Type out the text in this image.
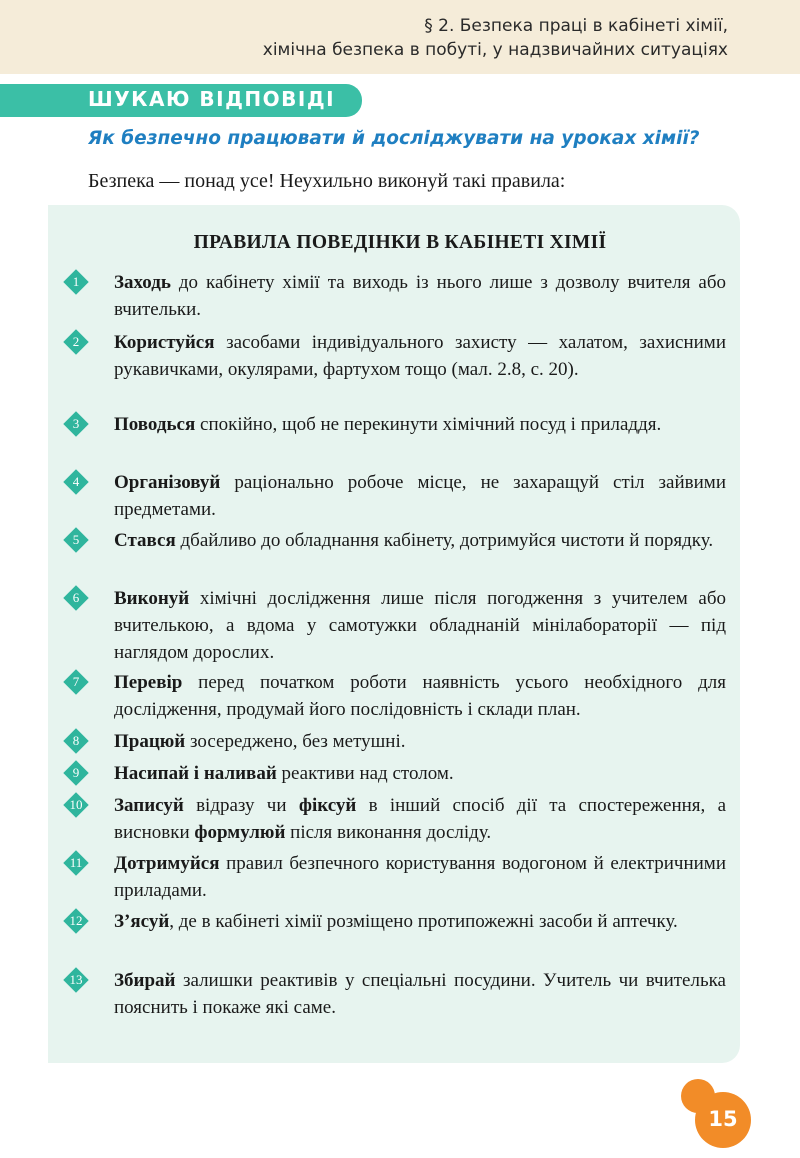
§ 2. Безпека праці в кабінеті хімії,
хімічна безпека в побуті, у надзвичайних ситуаціях
ШУКАЮ ВІДПОВІДІ
Як безпечно працювати й досліджувати на уроках хімії?
Безпека — понад усе! Неухильно виконуй такі правила:
ПРАВИЛА ПОВЕДІНКИ В КАБІНЕТІ ХІМІЇ
1	Заходь до кабінету хімії та виходь із нього лише з дозволу вчителя або вчительки.
2	Користуйся засобами індивідуального захисту — халатом, захисними рукавичками, окулярами, фартухом тощо (мал. 2.8, с. 20).
3	Поводься спокійно, щоб не перекинути хімічний посуд і приладдя.
4	Організовуй раціонально робоче місце, не захаращуй стіл зайвими предметами.
5	Стався дбайливо до обладнання кабінету, дотримуйся чистоти й порядку.
6	Виконуй хімічні дослідження лише після погодження з учителем або вчителькою, а вдома у самотужки обладнаній мінілабораторії — під наглядом дорослих.
7	Перевір перед початком роботи наявність усього необхідного для дослідження, продумай його послідовність і склади план.
8	Працюй зосереджено, без метушні.
9	Насипай і наливай реактиви над столом.
10 Записуй відразу чи фіксуй в інший спосіб дії та спостереження, а висновки формулюй після виконання досліду.
11	Дотримуйся правил безпечного користування водогоном й електричними приладами.
12 З’ясуй, де в кабінеті хімії розміщено протипожежні засоби й аптечку.
13 Збирай залишки реактивів у спеціальні посудини. Учитель чи вчителька пояснить і покаже які саме.
15
